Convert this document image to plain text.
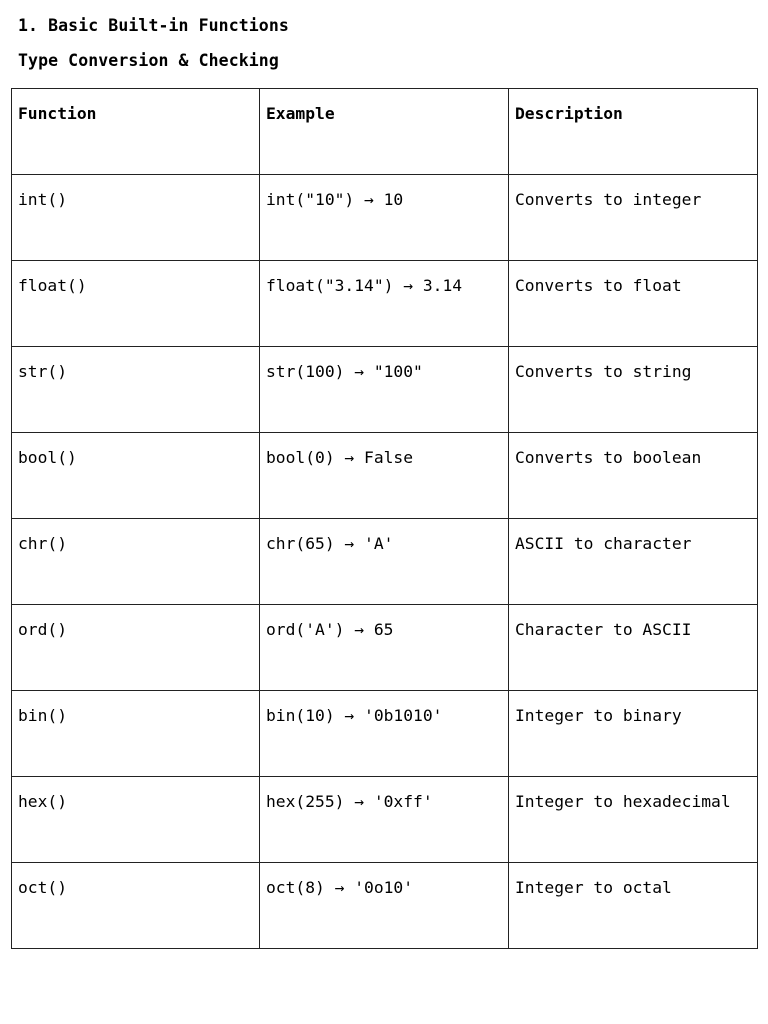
1. Basic Built-in Functions
Type Conversion & Checking
Function	Example	Description
int()	int("10") → 10	Converts to integer
float()	float("3.14") → 3.14	Converts to float
str()	str(100) → "100"	Converts to string
bool()	bool(0) → False	Converts to boolean
chr()	chr(65) → 'A'	ASCII to character
ord()	ord('A') → 65	Character to ASCII
bin()	bin(10) → '0b1010'	Integer to binary
hex()	hex(255) → '0xff'	Integer to hexadecimal
oct()	oct(8) → '0o10'	Integer to octal
